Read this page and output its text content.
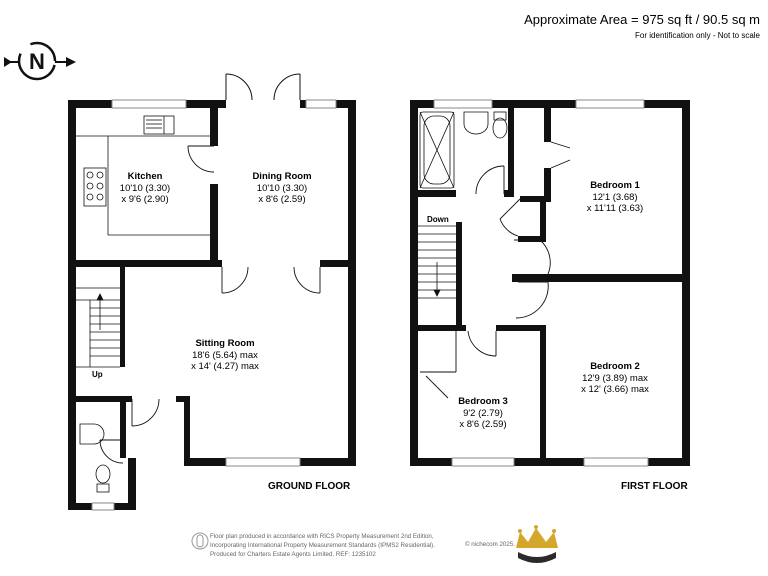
N
Approximate Area = 975 sq ft / 90.5 sq m
For identification only - Not to scale
Kitchen
10'10 (3.30)
x 9'6 (2.90)
Dining Room
10'10 (3.30)
x 8'6 (2.59)
Sitting Room
18'6 (5.64) max
x 14' (4.27) max
Up
GROUND FLOOR
Bedroom 1
12'1 (3.68)
x 11'11 (3.63)
Bedroom 2
12'9 (3.89) max
x 12' (3.66) max
Bedroom 3
9'2 (2.79)
x 8'6 (2.59)
Down
FIRST FLOOR
Floor plan produced in accordance with RICS Property Measurement 2nd Edition,
Incorporating International Property Measurement Standards (IPMS2 Residential).
Produced for Charters Estate Agents Limited. REF: 1235102
© nichecom 2025.
